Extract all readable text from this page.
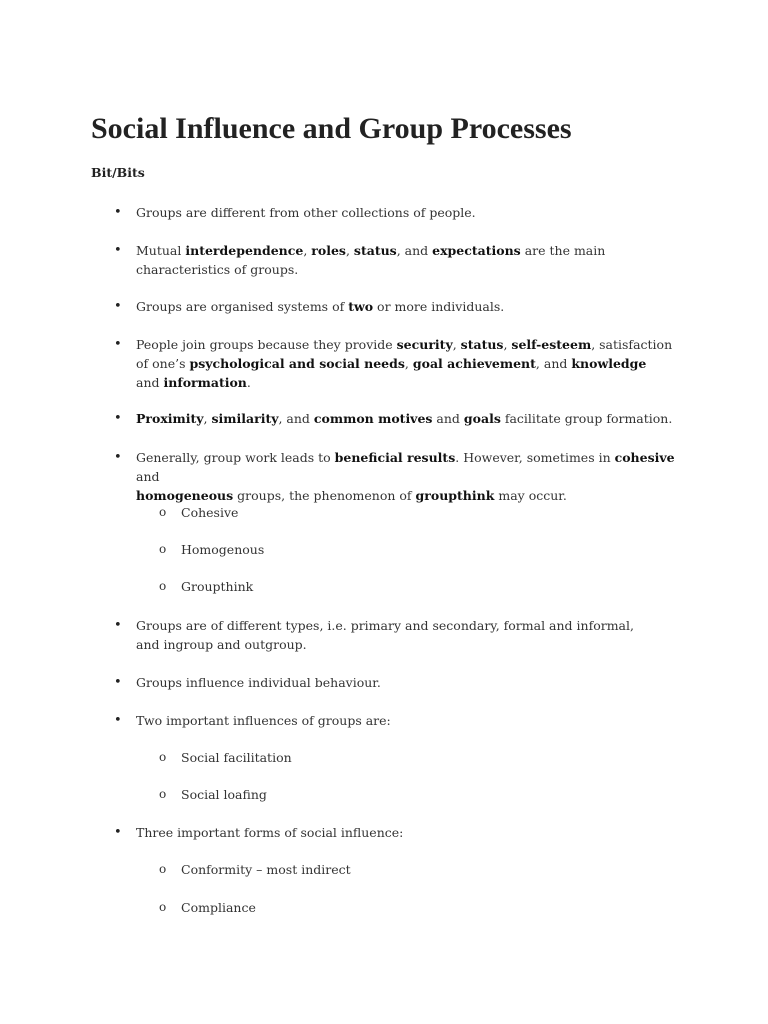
Social Influence and Group Processes
Bit/Bits
• Groups are different from other collections of people.
• Mutual interdependence, roles, status, and expectations are the main characteristics of groups.
• Groups are organised systems of two or more individuals.
• People join groups because they provide security, status, self-esteem, satisfaction
of one’s psychological and social needs, goal achievement, and knowledge
and information.
• Proximity, similarity, and common motives and goals facilitate group formation.
• Generally, group work leads to beneficial results. However, sometimes in cohesive and
homogeneous groups, the phenomenon of groupthink may occur.
o Cohesive
o Homogenous
o Groupthink
• Groups are of different types, i.e. primary and secondary, formal and informal,
and ingroup and outgroup.
• Groups influence individual behaviour.
• Two important influences of groups are:
o Social facilitation
o Social loafing
• Three important forms of social influence:
o Conformity – most indirect
o Compliance
